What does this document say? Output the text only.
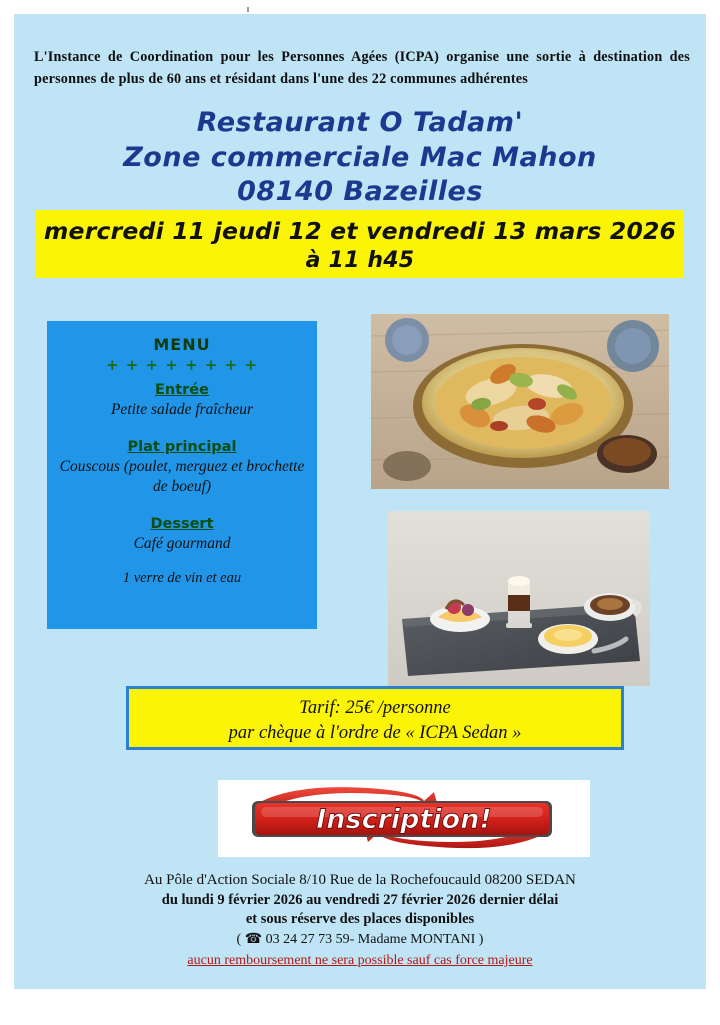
L'Instance de Coordination pour les Personnes Agées (ICPA) organise une sortie à destination des personnes de plus de 60 ans et résidant dans l'une des 22 communes adhérentes
Restaurant O Tadam'
Zone commerciale Mac Mahon
08140 Bazeilles
mercredi 11 jeudi 12 et vendredi 13 mars 2026
à 11 h45
MENU
+ + + + + + + +
Entrée
Petite salade fraîcheur
Plat principal
Couscous (poulet, merguez et brochette de boeuf)
Dessert
Café gourmand
1 verre de vin et eau
Tarif: 25€ /personne
par chèque à l'ordre de « ICPA Sedan »
Inscription!
Au Pôle d'Action Sociale 8/10 Rue de la Rochefoucauld 08200 SEDAN
du lundi 9 février 2026 au vendredi 27 février 2026 dernier délai
et sous réserve des places disponibles
( ☎ 03 24 27 73 59- Madame MONTANI )
aucun remboursement ne sera possible sauf cas force majeure
